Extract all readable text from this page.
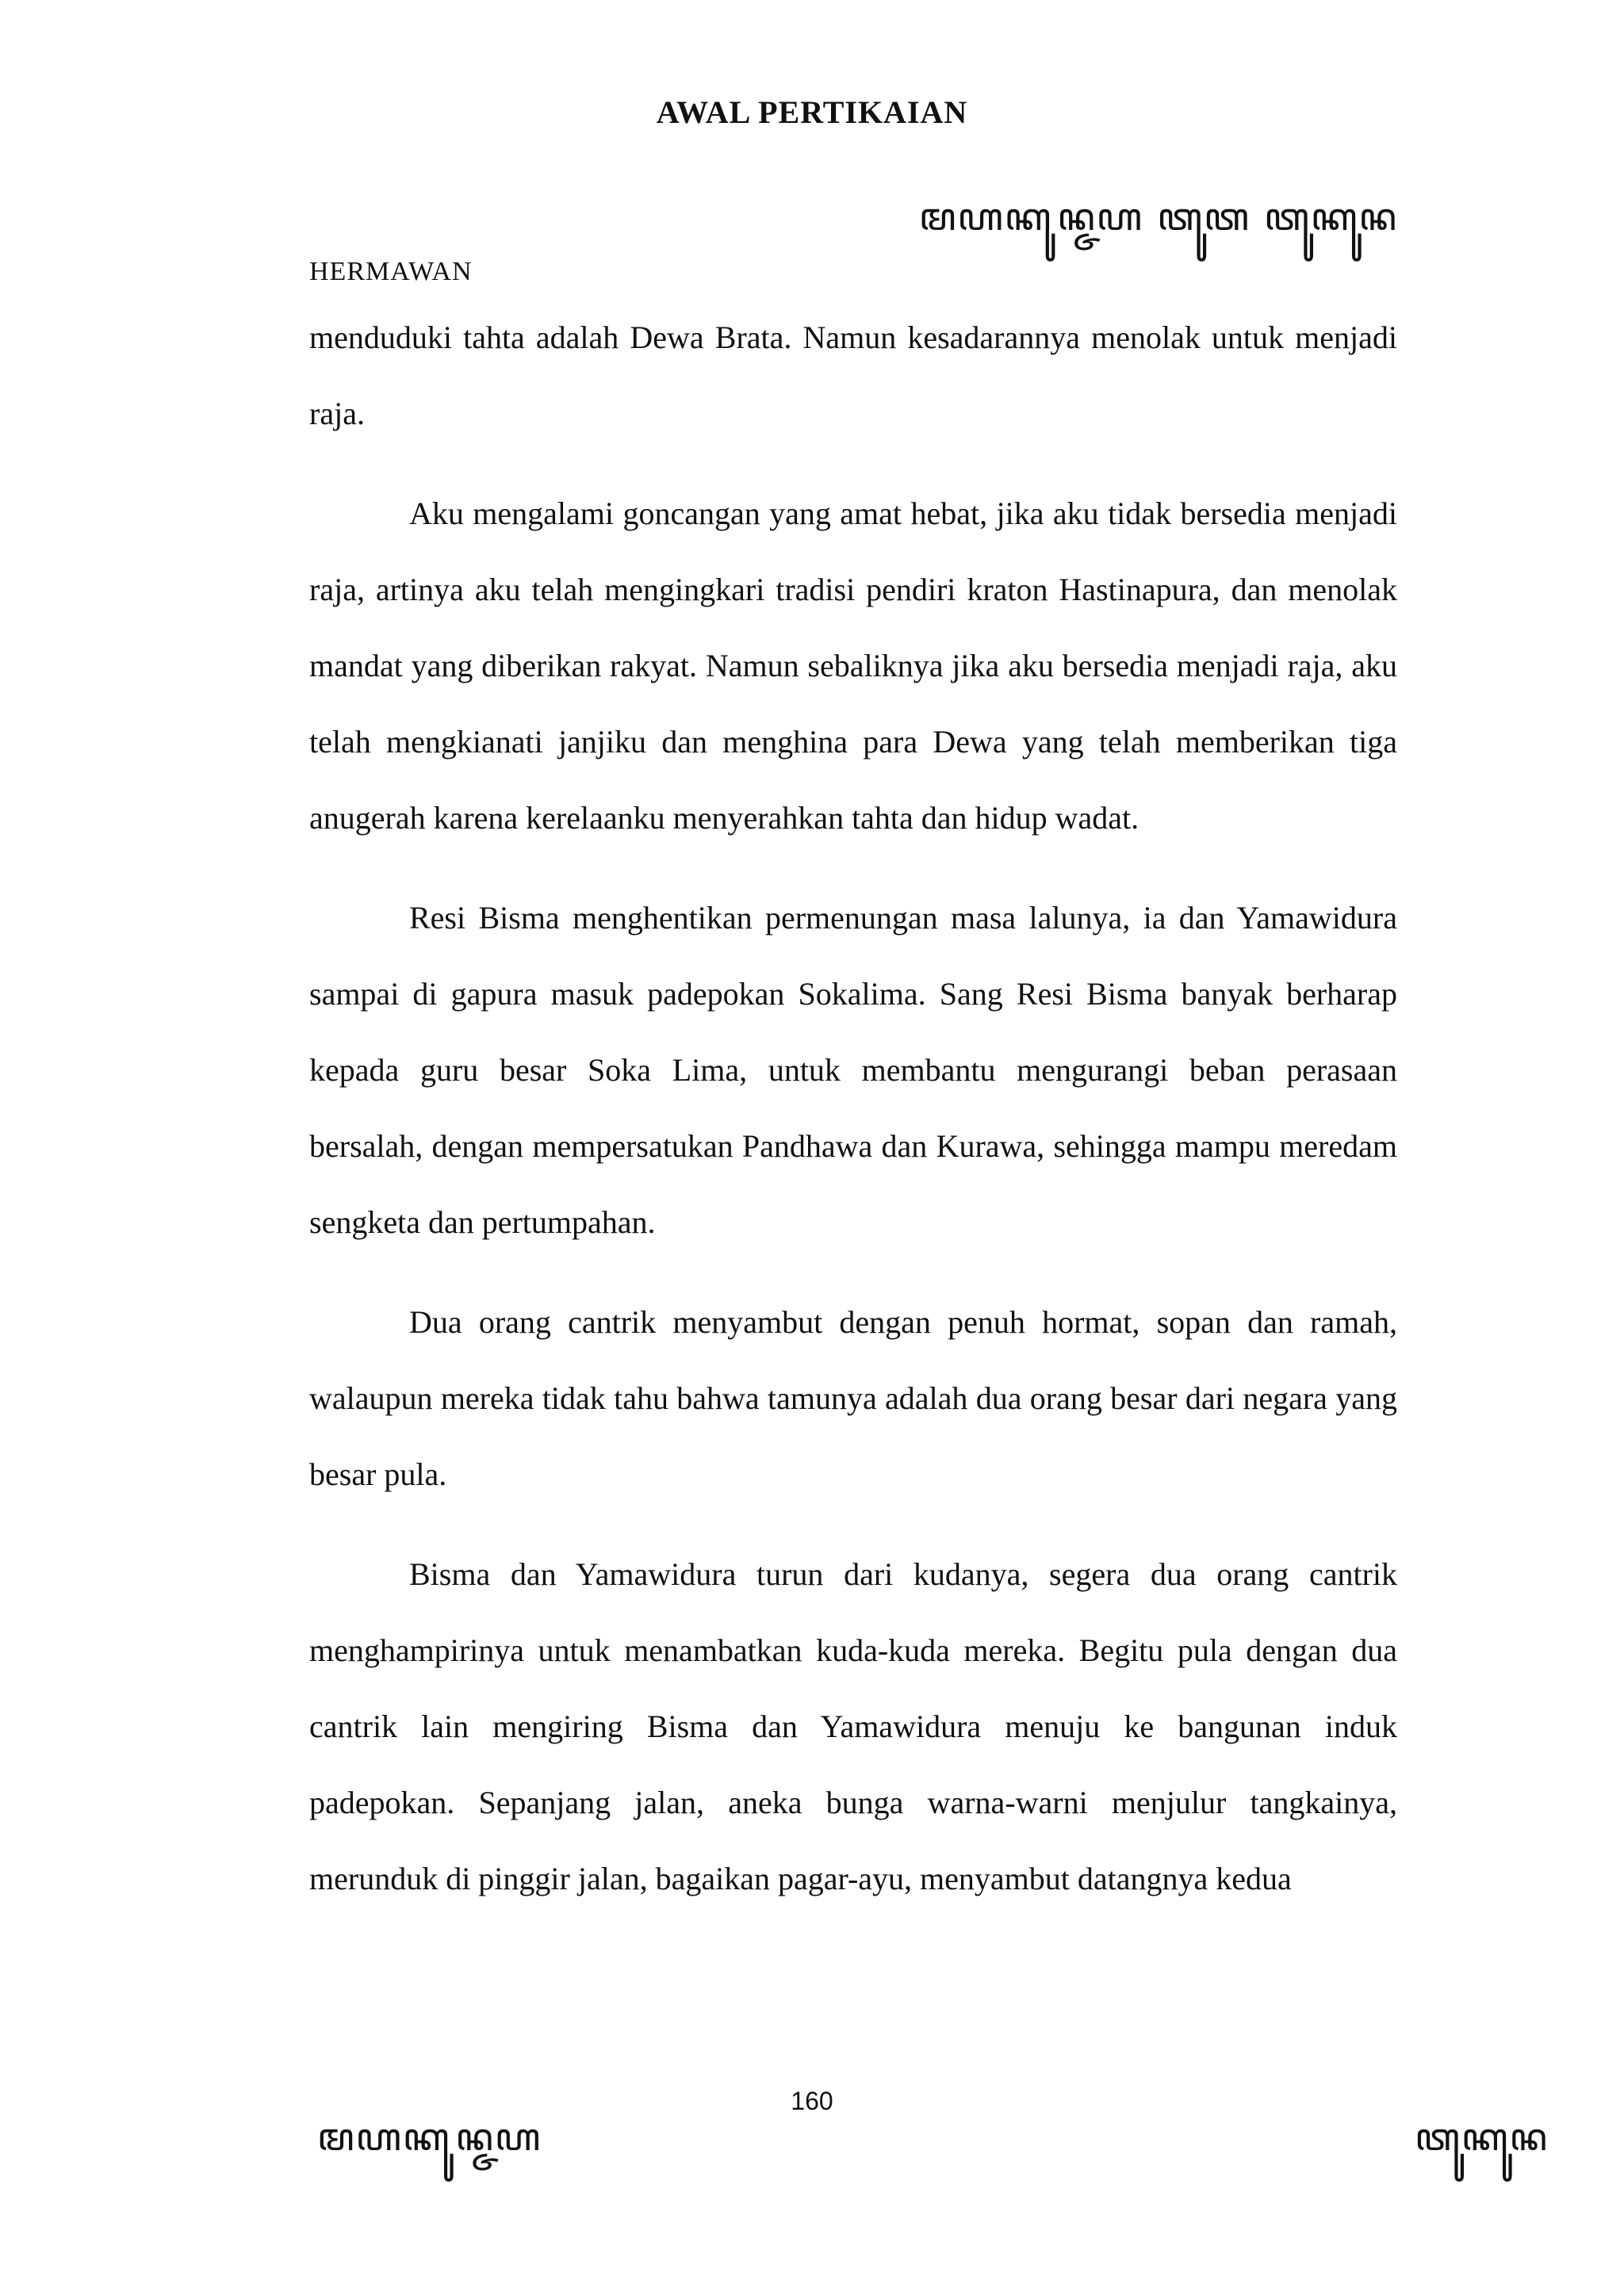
AWAL PERTIKAIAN
ꦩꦲꦏꦸꦤ꧀ꦗꦲ ꦠꦸꦠ ꦠꦸꦏꦸꦤ
HERMAWAN

menduduki tahta adalah Dewa Brata. Namun kesadarannya menolak untuk menjadi raja.

Aku mengalami goncangan yang amat hebat, jika aku tidak bersedia menjadi raja, artinya aku telah mengingkari tradisi pendiri kraton Hastinapura, dan menolak mandat yang diberikan rakyat. Namun sebaliknya jika aku bersedia menjadi raja, aku telah mengkianati janjiku dan menghina para Dewa yang telah memberikan tiga anugerah karena kerelaanku menyerahkan tahta dan hidup wadat.

Resi Bisma menghentikan permenungan masa lalunya, ia dan Yamawidura sampai di gapura masuk padepokan Sokalima. Sang Resi Bisma banyak berharap kepada guru besar Soka Lima, untuk membantu mengurangi beban perasaan bersalah, dengan mempersatukan Pandhawa dan Kurawa, sehingga mampu meredam sengketa dan pertumpahan.

Dua orang cantrik menyambut dengan penuh hormat, sopan dan ramah, walaupun mereka tidak tahu bahwa tamunya adalah dua orang besar dari negara yang besar pula.

Bisma dan Yamawidura turun dari kudanya, segera dua orang cantrik menghampirinya untuk menambatkan kuda-kuda mereka. Begitu pula dengan dua cantrik lain mengiring Bisma dan Yamawidura menuju ke bangunan induk padepokan. Sepanjang jalan, aneka bunga warna-warni menjulur tangkainya, merunduk di pinggir jalan, bagaikan pagar-ayu, menyambut datangnya kedua

160
ꦩꦲꦏꦸꦤ꧀ꦗꦲ	ꦠꦸꦏꦸꦤ
